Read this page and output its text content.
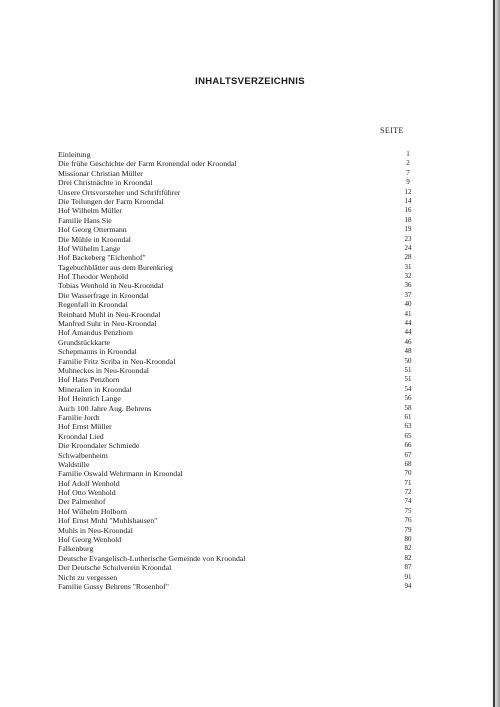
INHALTSVERZEICHNIS
SEITE
Einleitung	1
Die frühe Geschichte der Farm Kronendal oder Kroondal	2
Missionar Christian Müller	7
Drei Christnächte in Kroondal	9
Unsere Ortsvorsteher und Schriftführer	12
Die Teilungen der Farm Kroondal	14
Hof Wilhelm Müller	16
Familie Hans Sie	18
Hof Georg Ottermann	19
Die Mühle in Kroondal	23
Hof Wilhelm Lange	24
Hof Backeberg "Eichenhof"	28
Tagebuchblätter aus dem Burenkrieg	31
Hof Theodor Wenhold	32
Tobias Wenhold in Neu-Kroondal	36
Die Wasserfrage in Kroondal	37
Regenfall in Kroondal	40
Reinhard Muhl in Neu-Kroondal	41
Manfred Suhr in Neu-Kroondal	44
Hof Amandus Penzhorn	44
Grundstückkarte	46
Schepmanns in Kroondal	48
Familie Fritz Scriba in Neu-Kroondal	50
Muhneckes in Neu-Kroondal	51
Hof Hans Penzhorn	51
Mineralien in Kroondal	54
Hof Heinrich Lange	56
Auch 100 Jahre Aug. Behrens	58
Familie Jordt	61
Hof Ernst Müller	63
Kroondal Lied	65
Die Kroondaler Schmiede	66
Schwalbenheim	67
Waldstille	68
Familie Oswald Wehrmann in Kroondal	70
Hof Adolf Wenhold	71
Hof Otto Wenhold	72
Der Palmenhof	74
Hof Wilhelm Holborn	75
Hof Ernst Muhl "Muhlshausen"	76
Muhls in Neu-Kroondal	79
Hof Georg Wenhold	80
Falkenburg	82
Deutsche Evangelisch-Lutherische Gemeinde von Kroondal	82
Der Deutsche Schulverein Kroondal	87
Nicht zu vergessen	91
Familie Gussy Behrens "Rosenhof"	94
